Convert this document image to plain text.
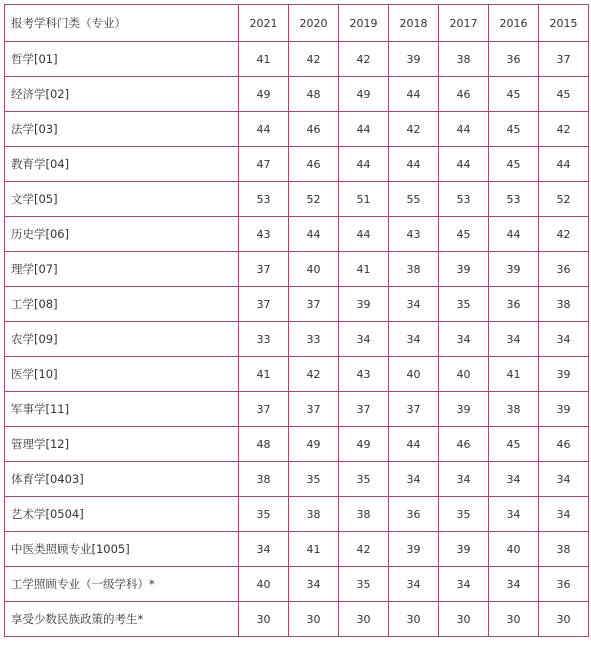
报考学科门类（专业）	2021	2020	2019	2018	2017	2016	2015
哲学[01]	41	42	42	39	38	36	37
经济学[02]	49	48	49	44	46	45	45
法学[03]	44	46	44	42	44	45	42
教育学[04]	47	46	44	44	44	45	44
文学[05]	53	52	51	55	53	53	52
历史学[06]	43	44	44	43	45	44	42
理学[07]	37	40	41	38	39	39	36
工学[08]	37	37	39	34	35	36	38
农学[09]	33	33	34	34	34	34	34
医学[10]	41	42	43	40	40	41	39
军事学[11]	37	37	37	37	39	38	39
管理学[12]	48	49	49	44	46	45	46
体育学[0403]	38	35	35	34	34	34	34
艺术学[0504]	35	38	38	36	35	34	34
中医类照顾专业[1005]	34	41	42	39	39	40	38
工学照顾专业（一级学科）*	40	34	35	34	34	34	36
享受少数民族政策的考生*	30	30	30	30	30	30	30
